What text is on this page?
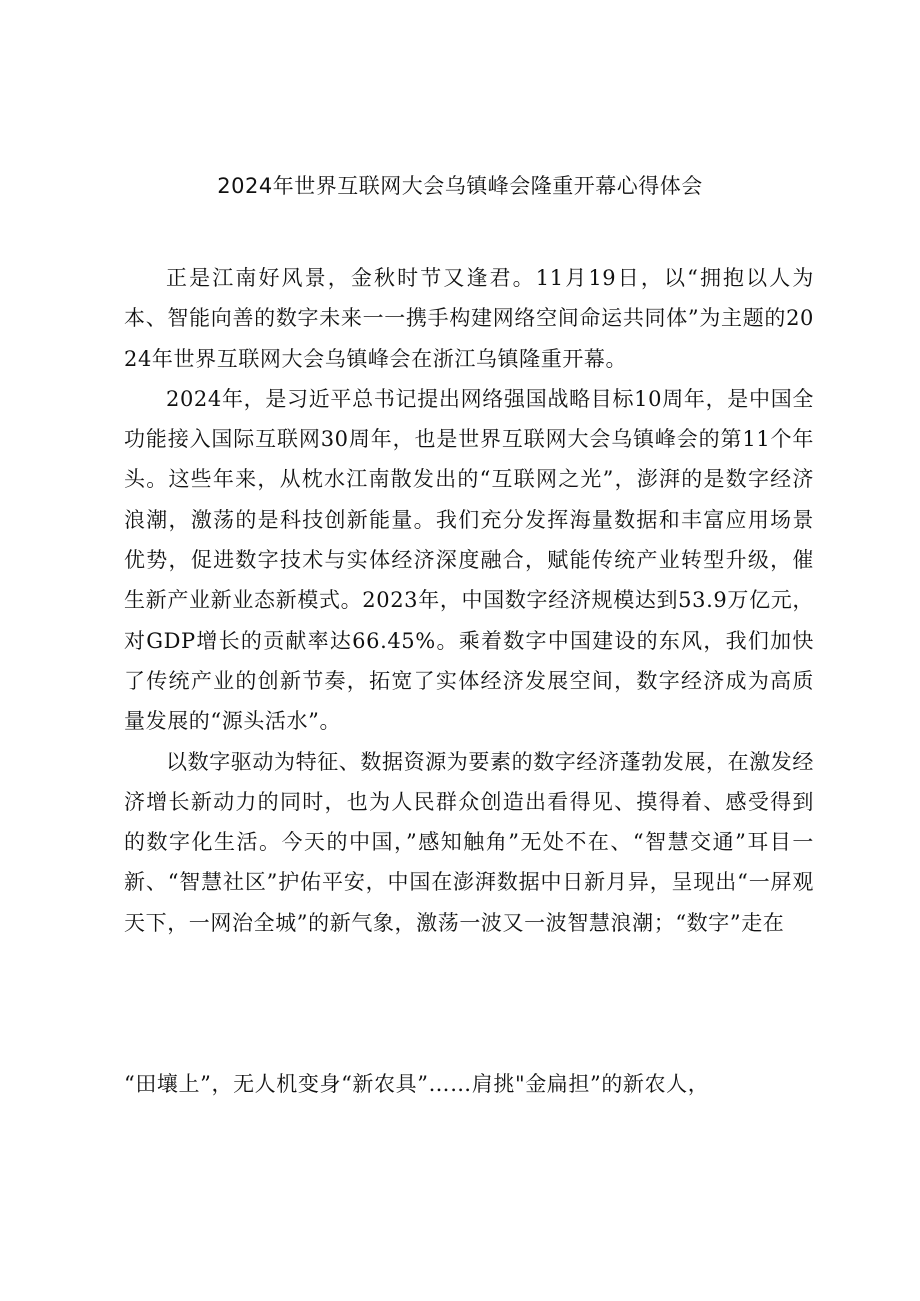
2024年世界互联网大会乌镇峰会隆重开幕心得体会

正是江南好风景，金秋时节又逢君。11月19日，以“拥抱以人为本、智能向善的数字未来一一携手构建网络空间命运共同体”为主题的2024年世界互联网大会乌镇峰会在浙江乌镇隆重开幕。

2024年，是习近平总书记提出网络强国战略目标10周年，是中国全功能接入国际互联网30周年，也是世界互联网大会乌镇峰会的第11个年头。这些年来，从枕水江南散发出的“互联网之光”，澎湃的是数字经济浪潮，激荡的是科技创新能量。我们充分发挥海量数据和丰富应用场景优势，促进数字技术与实体经济深度融合，赋能传统产业转型升级，催生新产业新业态新模式。2023年，中国数字经济规模达到53.9万亿元，对GDP增长的贡献率达66.45%。乘着数字中国建设的东风，我们加快了传统产业的创新节奏，拓宽了实体经济发展空间，数字经济成为高质量发展的“源头活水”。

以数字驱动为特征、数据资源为要素的数字经济蓬勃发展，在激发经济增长新动力的同时，也为人民群众创造出看得见、摸得着、感受得到的数字化生活。今天的中国，”感知触角”无处不在、“智慧交通”耳目一新、“智慧社区”护佑平安，中国在澎湃数据中日新月异，呈现出“一屏观天下，一网治全城”的新气象，激荡一波又一波智慧浪潮；“数字”走在

“田壤上”，无人机变身“新农具”……肩挑"金扁担”的新农人，
